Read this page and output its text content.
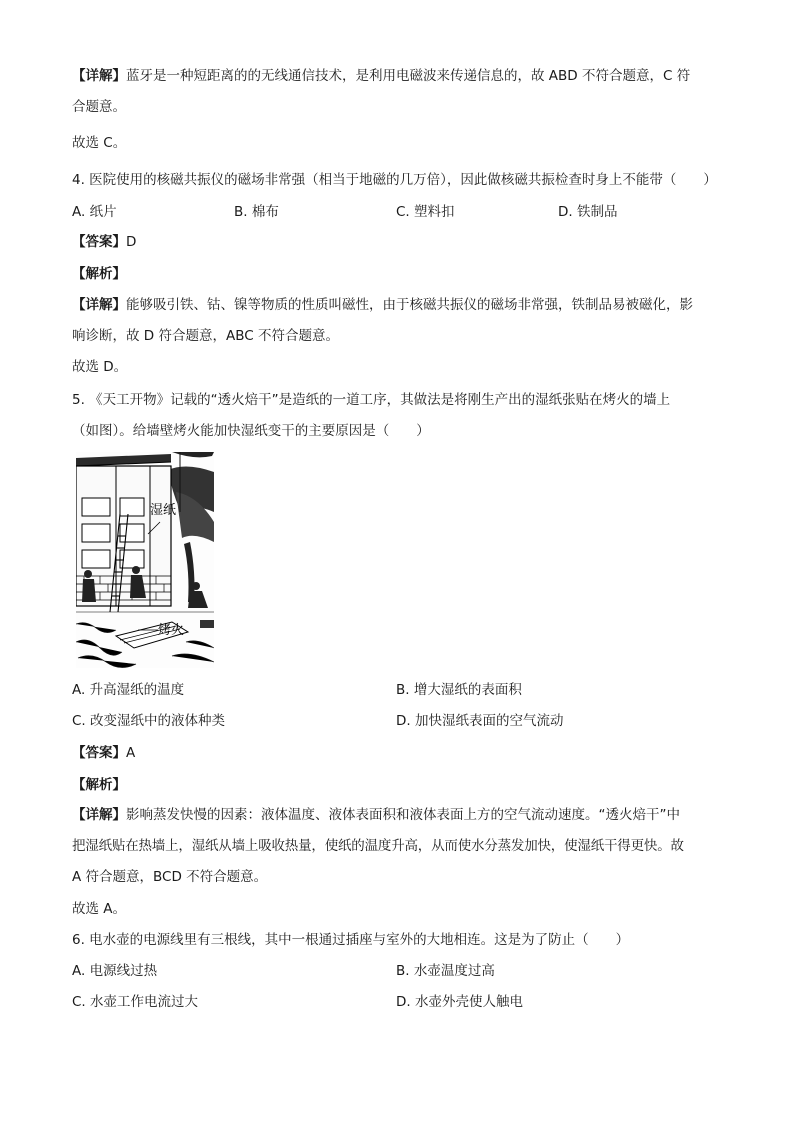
【详解】蓝牙是一种短距离的的无线通信技术，是利用电磁波来传递信息的，故 ABD 不符合题意，C 符
合题意。
故选 C。
4. 医院使用的核磁共振仪的磁场非常强（相当于地磁的几万倍），因此做核磁共振检查时身上不能带（　　）
A. 纸片	B. 棉布	C. 塑料扣	D. 铁制品
【答案】D
【解析】
【详解】能够吸引铁、钴、镍等物质的性质叫磁性，由于核磁共振仪的磁场非常强，铁制品易被磁化，影
响诊断，故 D 符合题意，ABC 不符合题意。
故选 D。
5. 《天工开物》记载的“透火焙干”是造纸的一道工序，其做法是将刚生产出的湿纸张贴在烤火的墙上
（如图）。给墙壁烤火能加快湿纸变干的主要原因是（　　）
湿纸
烤火
A. 升高湿纸的温度	B. 增大湿纸的表面积
C. 改变湿纸中的液体种类	D. 加快湿纸表面的空气流动
【答案】A
【解析】
【详解】影响蒸发快慢的因素：液体温度、液体表面积和液体表面上方的空气流动速度。“透火焙干”中
把湿纸贴在热墙上，湿纸从墙上吸收热量，使纸的温度升高，从而使水分蒸发加快，使湿纸干得更快。故
A 符合题意，BCD 不符合题意。
故选 A。
6. 电水壶的电源线里有三根线，其中一根通过插座与室外的大地相连。这是为了防止（　　）
A. 电源线过热	B. 水壶温度过高
C. 水壶工作电流过大	D. 水壶外壳使人触电
